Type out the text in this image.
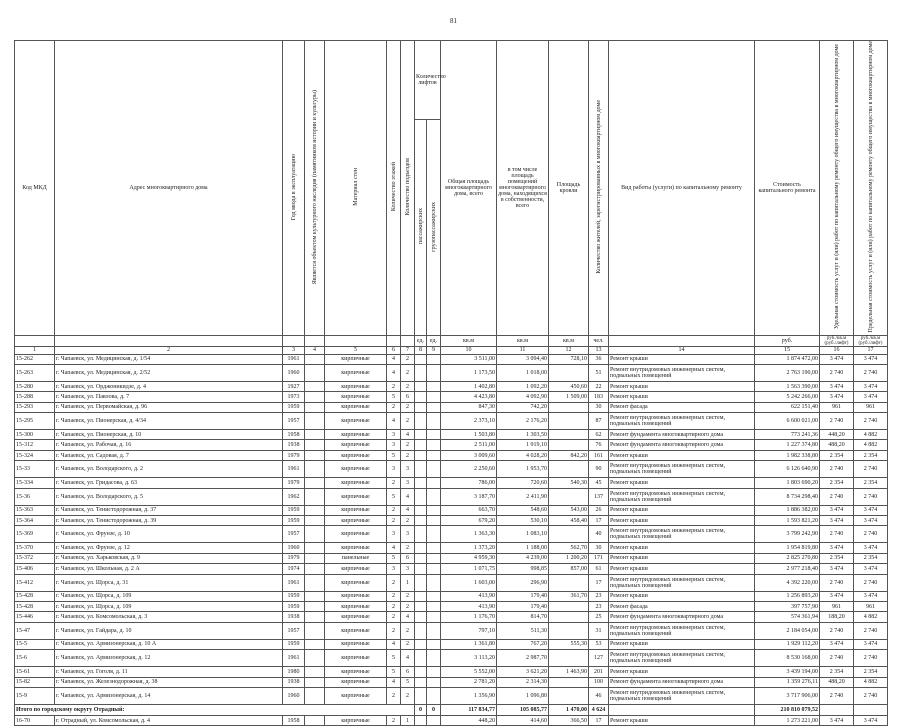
81
Код МКД	Адрес многоквартирного дома	Год ввода в эксплуатацию	Является объектом культурного наследия (памятником истории и культуры)	Материал стен	Количество этажей	Количество подъездов	Количество лифтов		Общая площадь многоквартирного дома, всего	в том числе площадь помещений многоквартирного дома, находящихся в собственности, всего	Площадь кровли	Количество жителей, зарегистрированных в многоквартирном доме	Вид работы (услуги) по капитальному ремонту	Стоимость капитального ремонта	Удельная стоимость услуг и (или) работ по капитальному ремонту общего имущества в многоквартирном доме	Предельная стоимость услуг и (или) работ по капитальному ремонту общего имущества в многоквартирном доме
							пассажирских	грузопассажирских								
							ед.	ед.	кв.м	кв.м	кв.м	чел.		руб.	руб./кв.м (руб./лифт)	руб./кв.м (руб./лифт)
1	2	3	4	5	6	7	8	9	10	11	12	13	14	15	16	17
15-262	г. Чапаевск, ул. Медицинская, д. 1/54	1961		кирпичные	4	2			3 511,00	3 094,40	728,10	36	Ремонт крыши	1 874 472,00	3 474	3 474
15-263	г. Чапаевск, ул. Медицинская, д. 2/52	1960		кирпичные	4	2			1 173,50	1 018,00		51	Ремонт внутридомовых инженерных систем, подвальных помещений	2 763 190,00	2 740	2 740
15-280	г. Чапаевск, ул. Орджоникидзе, д. 4	1927		кирпичные	2	2			1 402,80	1 092,20	450,60	22	Ремонт крыши	1 563 390,00	3 474	3 474
15-288	г. Чапаевск, ул. Павлова, д. 7	1973		кирпичные	5	6			4 423,80	4 092,90	1 509,00	183	Ремонт крыши	5 242 266,00	3 474	3 474
15-293	г. Чапаевск, ул. Первомайская, д. 96	1959		кирпичные	2	2			847,30	742,20		30	Ремонт фасада	622 151,40	961	961
15-295	г. Чапаевск, ул. Пионерская, д. 4/34	1957		кирпичные	4	2			2 373,10	2 176,20		87	Ремонт внутридомовых инженерных систем, подвальных помещений	6 600 021,00	2 740	2 740
15-300	г. Чапаевск, ул. Пионерская, д. 10	1958		кирпичные	3	4			1 503,80	1 303,50		62	Ремонт фундамента многоквартирного дома	773 241,36	448,20	4 882
15-312	г. Чапаевск, ул. Рабочая, д. 16	1938		кирпичные	3	2			2 511,00	1 919,10		76	Ремонт фундамента многоквартирного дома	1 227 374,80	488,20	4 882
15-324	г. Чапаевск, ул. Садовая, д. 7	1979		кирпичные	5	2			3 009,60	4 028,20	842,20	161	Ремонт крыши	1 982 338,80	2 354	2 354
15-33	г. Чапаевск, ул. Володарского, д. 2	1961		кирпичные	3	3			2 250,60	1 953,70		90	Ремонт внутридомовых инженерных систем, подвальных помещений	6 126 640,90	2 740	2 740
15-334	г. Чапаевск, ул. Гридасова, д. 63	1979		кирпичные	2	3			786,00	720,60	540,30	45	Ремонт крыши	1 803 690,20	2 354	2 354
15-36	г. Чапаевск, ул. Володарского, д. 5	1962		кирпичные	5	4			3 187,70	2 411,90		137	Ремонт внутридомовых инженерных систем, подвальных помещений	8 734 298,40	2 740	2 740
15-363	г. Чапаевск, ул. Тенистодорожная, д. 37	1959		кирпичные	2	4			663,70	548,60	543,00	26	Ремонт крыши	1 886 382,00	3 474	3 474
15-364	г. Чапаевск, ул. Тенистодорожная, д. 39	1959		кирпичные	2	2			679,20	530,10	458,40	17	Ремонт крыши	1 593 821,20	3 474	3 474
15-369	г. Чапаевск, ул. Фрунзе, д. 10	1957		кирпичные	3	3			1 363,30	1 083,10		40	Ремонт внутридомовых инженерных систем, подвальных помещений	3 799 242,90	2 740	2 740
15-370	г. Чапаевск, ул. Фрунзе, д. 12	1960		кирпичные	4	2			1 373,20	1 188,00	562,70	30	Ремонт крыши	1 954 819,80	3 474	3 474
15-372	г. Чапаевск, ул. Харьковская, д. 9	1979		панельные	5	6			4 959,30	4 239,00	1 200,20	171	Ремонт крыши	2 825 270,80	2 354	2 354
15-406	г. Чапаевск, ул. Школьная, д. 2 А	1974		кирпичные	3	3			1 071,75	998,85	857,00	61	Ремонт крыши	2 977 218,40	3 474	3 474
15-412	г. Чапаевск, ул. Щорса, д. 31	1961		кирпичные	2	1			1 603,00	296,90		17	Ремонт внутридомовых инженерных систем, подвальных помещений	4 392 220,00	2 740	2 740
15-428	г. Чапаевск, ул. Щорса, д. 109	1959		кирпичные	2	2			413,90	179,40	361,70	23	Ремонт крыши	1 256 893,20	3 474	3 474
15-428	г. Чапаевск, ул. Щорса, д. 109	1959		кирпичные	2	2			413,90	179,40		23	Ремонт фасада	397 757,90	961	961
15-446	г. Чапаевск, ул. Комсомольская, д. 3	1938		кирпичные	2	4			1 176,70	814,70		25	Ремонт фундамента многоквартирного дома	574 361,94	188,20	4 882
15-47	г. Чапаевск, ул. Гайдара, д. 10	1957		кирпичные	2	2			797,10	511,30		31	Ремонт внутридомовых инженерных систем, подвальных помещений	2 184 054,00	2 740	2 740
15-5	г. Чапаевск, ул. Армизонерская, д. 10 А	1959		кирпичные	4	2			1 361,80	767,20	555,30	53	Ремонт крыши	1 929 112,20	3 474	3 474
15-6	г. Чапаевск, ул. Армизонерская, д. 12	1961		кирпичные	5	4			3 113,20	2 987,70		127	Ремонт внутридомовых инженерных систем, подвальных помещений	8 530 168,00	2 740	2 740
15-61	г. Чапаевск, ул. Гоголя, д. 11	1980		кирпичные	5	6			5 552,00	3 621,20	1 463,90	201	Ремонт крыши	3 439 194,00	2 354	2 354
15-82	г. Чапаевск, ул. Железнодорожная, д. 38	1938		кирпичные	4	5			2 781,20	2 314,30		100	Ремонт фундамента многоквартирного дома	1 359 276,11	488,20	4 882
15-9	г. Чапаевск, ул. Армизонерская, д. 14	1960		кирпичные	2	2			1 356,90	1 096,80		46	Ремонт внутридомовых инженерных систем, подвальных помещений	3 717 906,00	2 740	2 740
Итого по городскому округу Отрадный:							0	0	117 834,77	105 085,77	1 470,00	4 624		210 810 079,52		
16-70	г. Отрадный, ул. Комсомольская, д. 4	1958		кирпичные	2	1			448,20	414,60	366,50	17	Ремонт крыши	1 273 221,00	3 474	3 474
